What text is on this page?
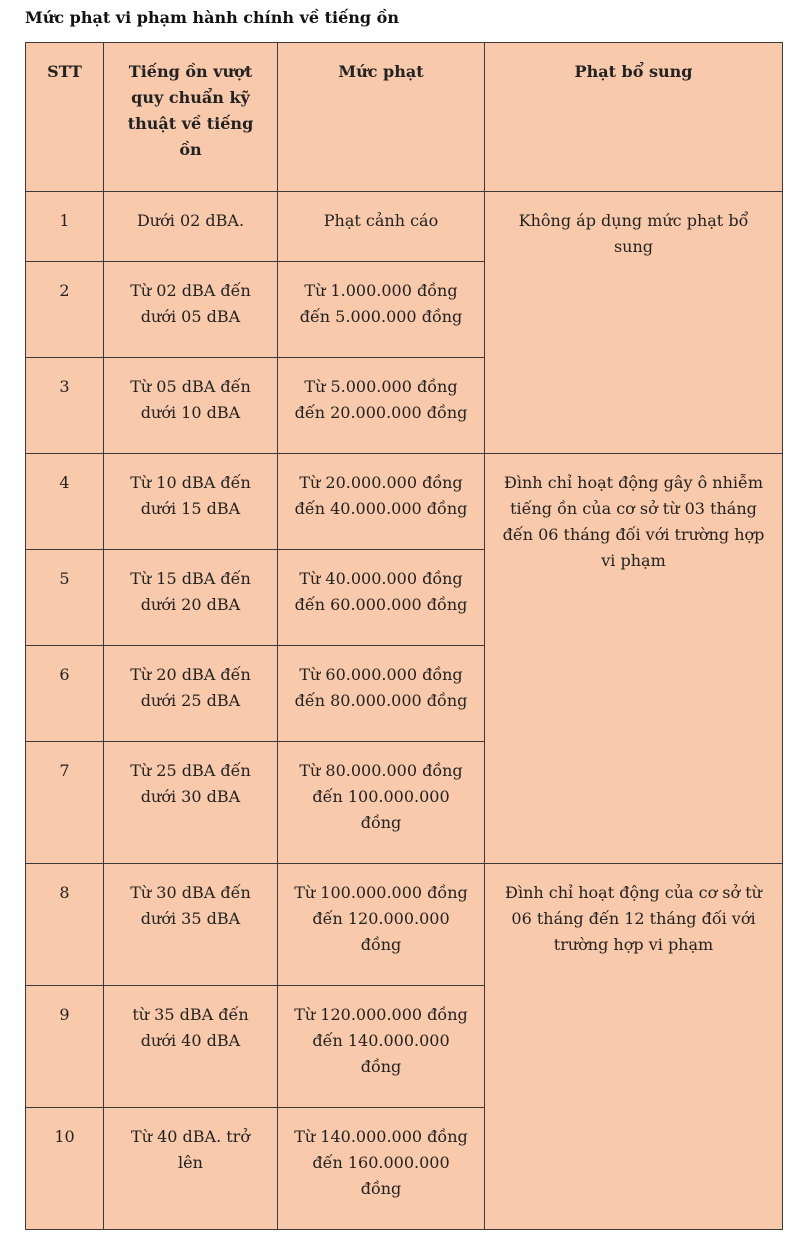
Mức phạt vi phạm hành chính về tiếng ồn
STT	Tiếng ồn vượt quy chuẩn kỹ thuật về tiếng ồn	Mức phạt	Phạt bổ sung
1	Dưới 02 dBA.	Phạt cảnh cáo	Không áp dụng mức phạt bổ sung
2	Từ 02 dBA đến dưới 05 dBA	Từ 1.000.000 đồng đến 5.000.000 đồng	
3	Từ 05 dBA đến dưới 10 dBA	Từ 5.000.000 đồng đến 20.000.000 đồng	
4	Từ 10 dBA đến dưới 15 dBA	Từ 20.000.000 đồng đến 40.000.000 đồng	Đình chỉ hoạt động gây ô nhiễm tiếng ồn của cơ sở từ 03 tháng đến 06 tháng đối với trường hợp vi phạm
5	Từ 15 dBA đến dưới 20 dBA	Từ 40.000.000 đồng đến 60.000.000 đồng	
6	Từ 20 dBA đến dưới 25 dBA	Từ 60.000.000 đồng đến 80.000.000 đồng	
7	Từ 25 dBA đến dưới 30 dBA	Từ 80.000.000 đồng đến 100.000.000 đồng	
8	Từ 30 dBA đến dưới 35 dBA	Từ 100.000.000 đồng đến 120.000.000 đồng	Đình chỉ hoạt động của cơ sở từ 06 tháng đến 12 tháng đối với trường hợp vi phạm
9	từ 35 dBA đến dưới 40 dBA	Từ 120.000.000 đồng đến 140.000.000 đồng	
10	Từ 40 dBA. trở lên	Từ 140.000.000 đồng đến 160.000.000 đồng	
